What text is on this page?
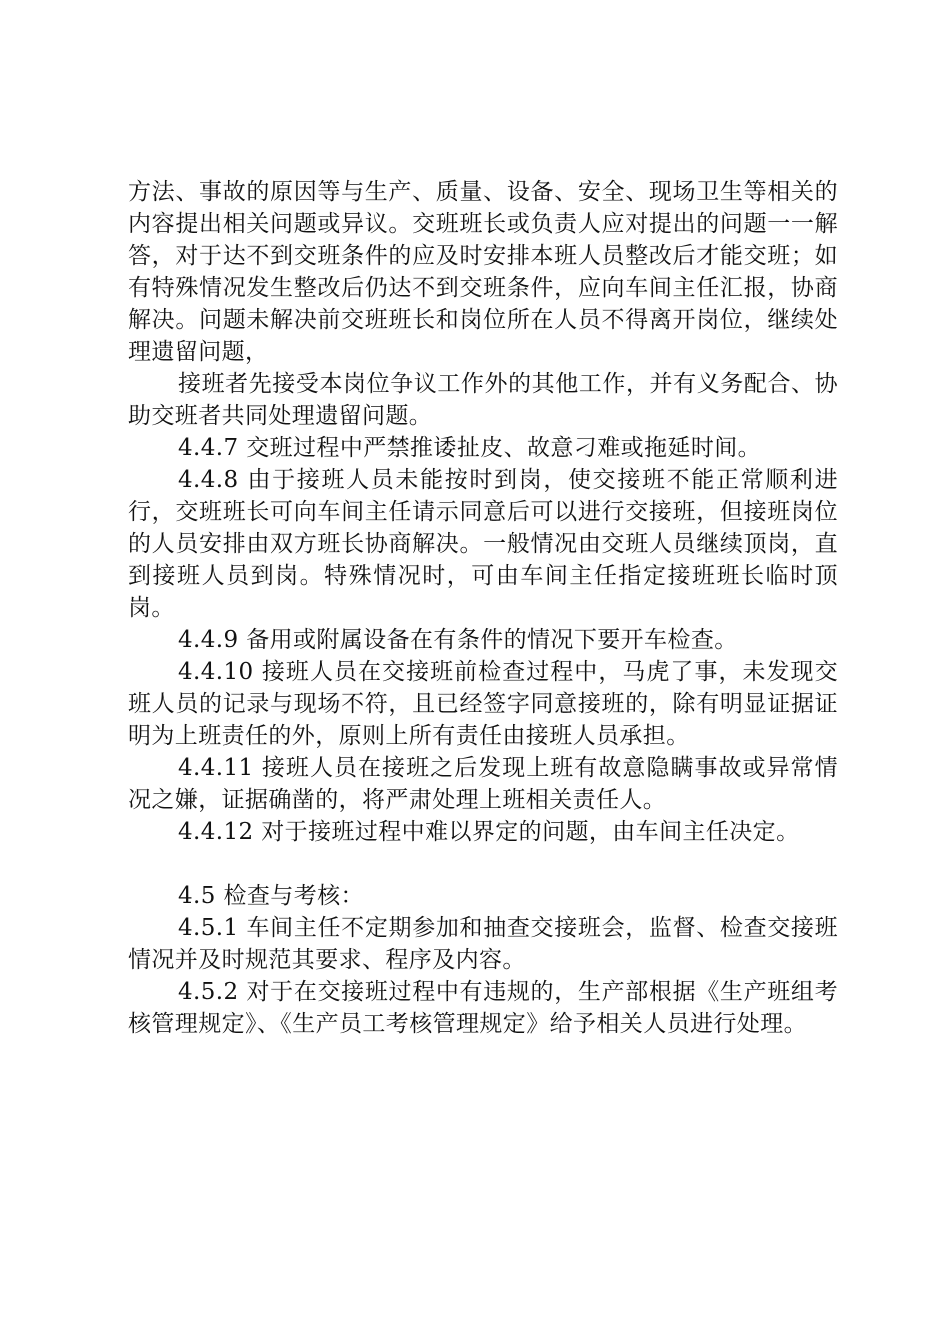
方法、事故的原因等与生产、质量、设备、安全、现场卫生等相关的内容提出相关问题或异议。交班班长或负责人应对提出的问题一一解答，对于达不到交班条件的应及时安排本班人员整改后才能交班；如有特殊情况发生整改后仍达不到交班条件，应向车间主任汇报，协商解决。问题未解决前交班班长和岗位所在人员不得离开岗位，继续处理遗留问题，

接班者先接受本岗位争议工作外的其他工作，并有义务配合、协助交班者共同处理遗留问题。

4.4.7 交班过程中严禁推诿扯皮、故意刁难或拖延时间。

4.4.8 由于接班人员未能按时到岗，使交接班不能正常顺利进行，交班班长可向车间主任请示同意后可以进行交接班，但接班岗位的人员安排由双方班长协商解决。一般情况由交班人员继续顶岗，直到接班人员到岗。特殊情况时，可由车间主任指定接班班长临时顶岗。

4.4.9 备用或附属设备在有条件的情况下要开车检查。

4.4.10 接班人员在交接班前检查过程中，马虎了事，未发现交班人员的记录与现场不符，且已经签字同意接班的，除有明显证据证明为上班责任的外，原则上所有责任由接班人员承担。

4.4.11 接班人员在接班之后发现上班有故意隐瞒事故或异常情况之嫌，证据确凿的，将严肃处理上班相关责任人。

4.4.12 对于接班过程中难以界定的问题，由车间主任决定。

4.5 检查与考核：

4.5.1 车间主任不定期参加和抽查交接班会，监督、检查交接班情况并及时规范其要求、程序及内容。

4.5.2 对于在交接班过程中有违规的，生产部根据《生产班组考核管理规定》、《生产员工考核管理规定》给予相关人员进行处理。
